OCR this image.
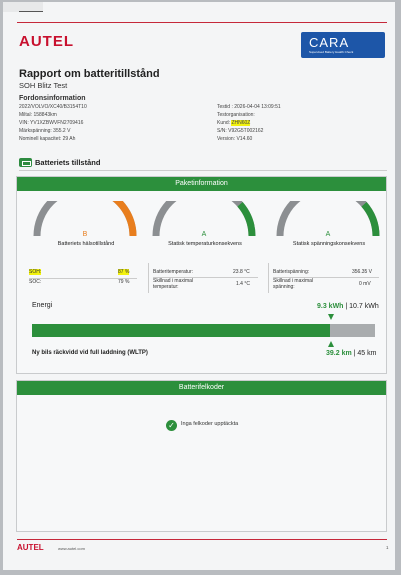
AUTEL	CARA
Supervised Battery Health Check
Rapport om batteritillstånd
SOH Blitz Test
Fordonsinformation
2022/VOLVO/XC40/B3154T10
Miltal: 158843km
VIN: YV1XZBWVFN2709416
Märkspänning: 355.2 V
Nominell kapacitet: 29 Ah
Testid : 2026-04-04 13:09:51
Testorganisation:
Kund: ZHN60Z
S/N: V92G5T002162
Version: V14.60
Batteriets tillstånd
Paketinformation
B	A	A
Batteriets hälsotillstånd	Statisk temperaturkonsekvens	Statisk spänningskonsekvens
SOH:	87 %
SOC:	79 %
Batteritemperatur:	23.8 °C
Skillnad i maximal
temperatur:	1.4 °C
Batterispänning:	356.35 V
Skillnad i maximal
spänning:	0 mV
Energi	9.3 kWh | 10.7 kWh
Ny bils räckvidd vid full laddning (WLTP)	39.2 km | 45 km
Batterifelkoder
✓	Inga felkoder upptäckta
AUTEL	www.autel.com	1
